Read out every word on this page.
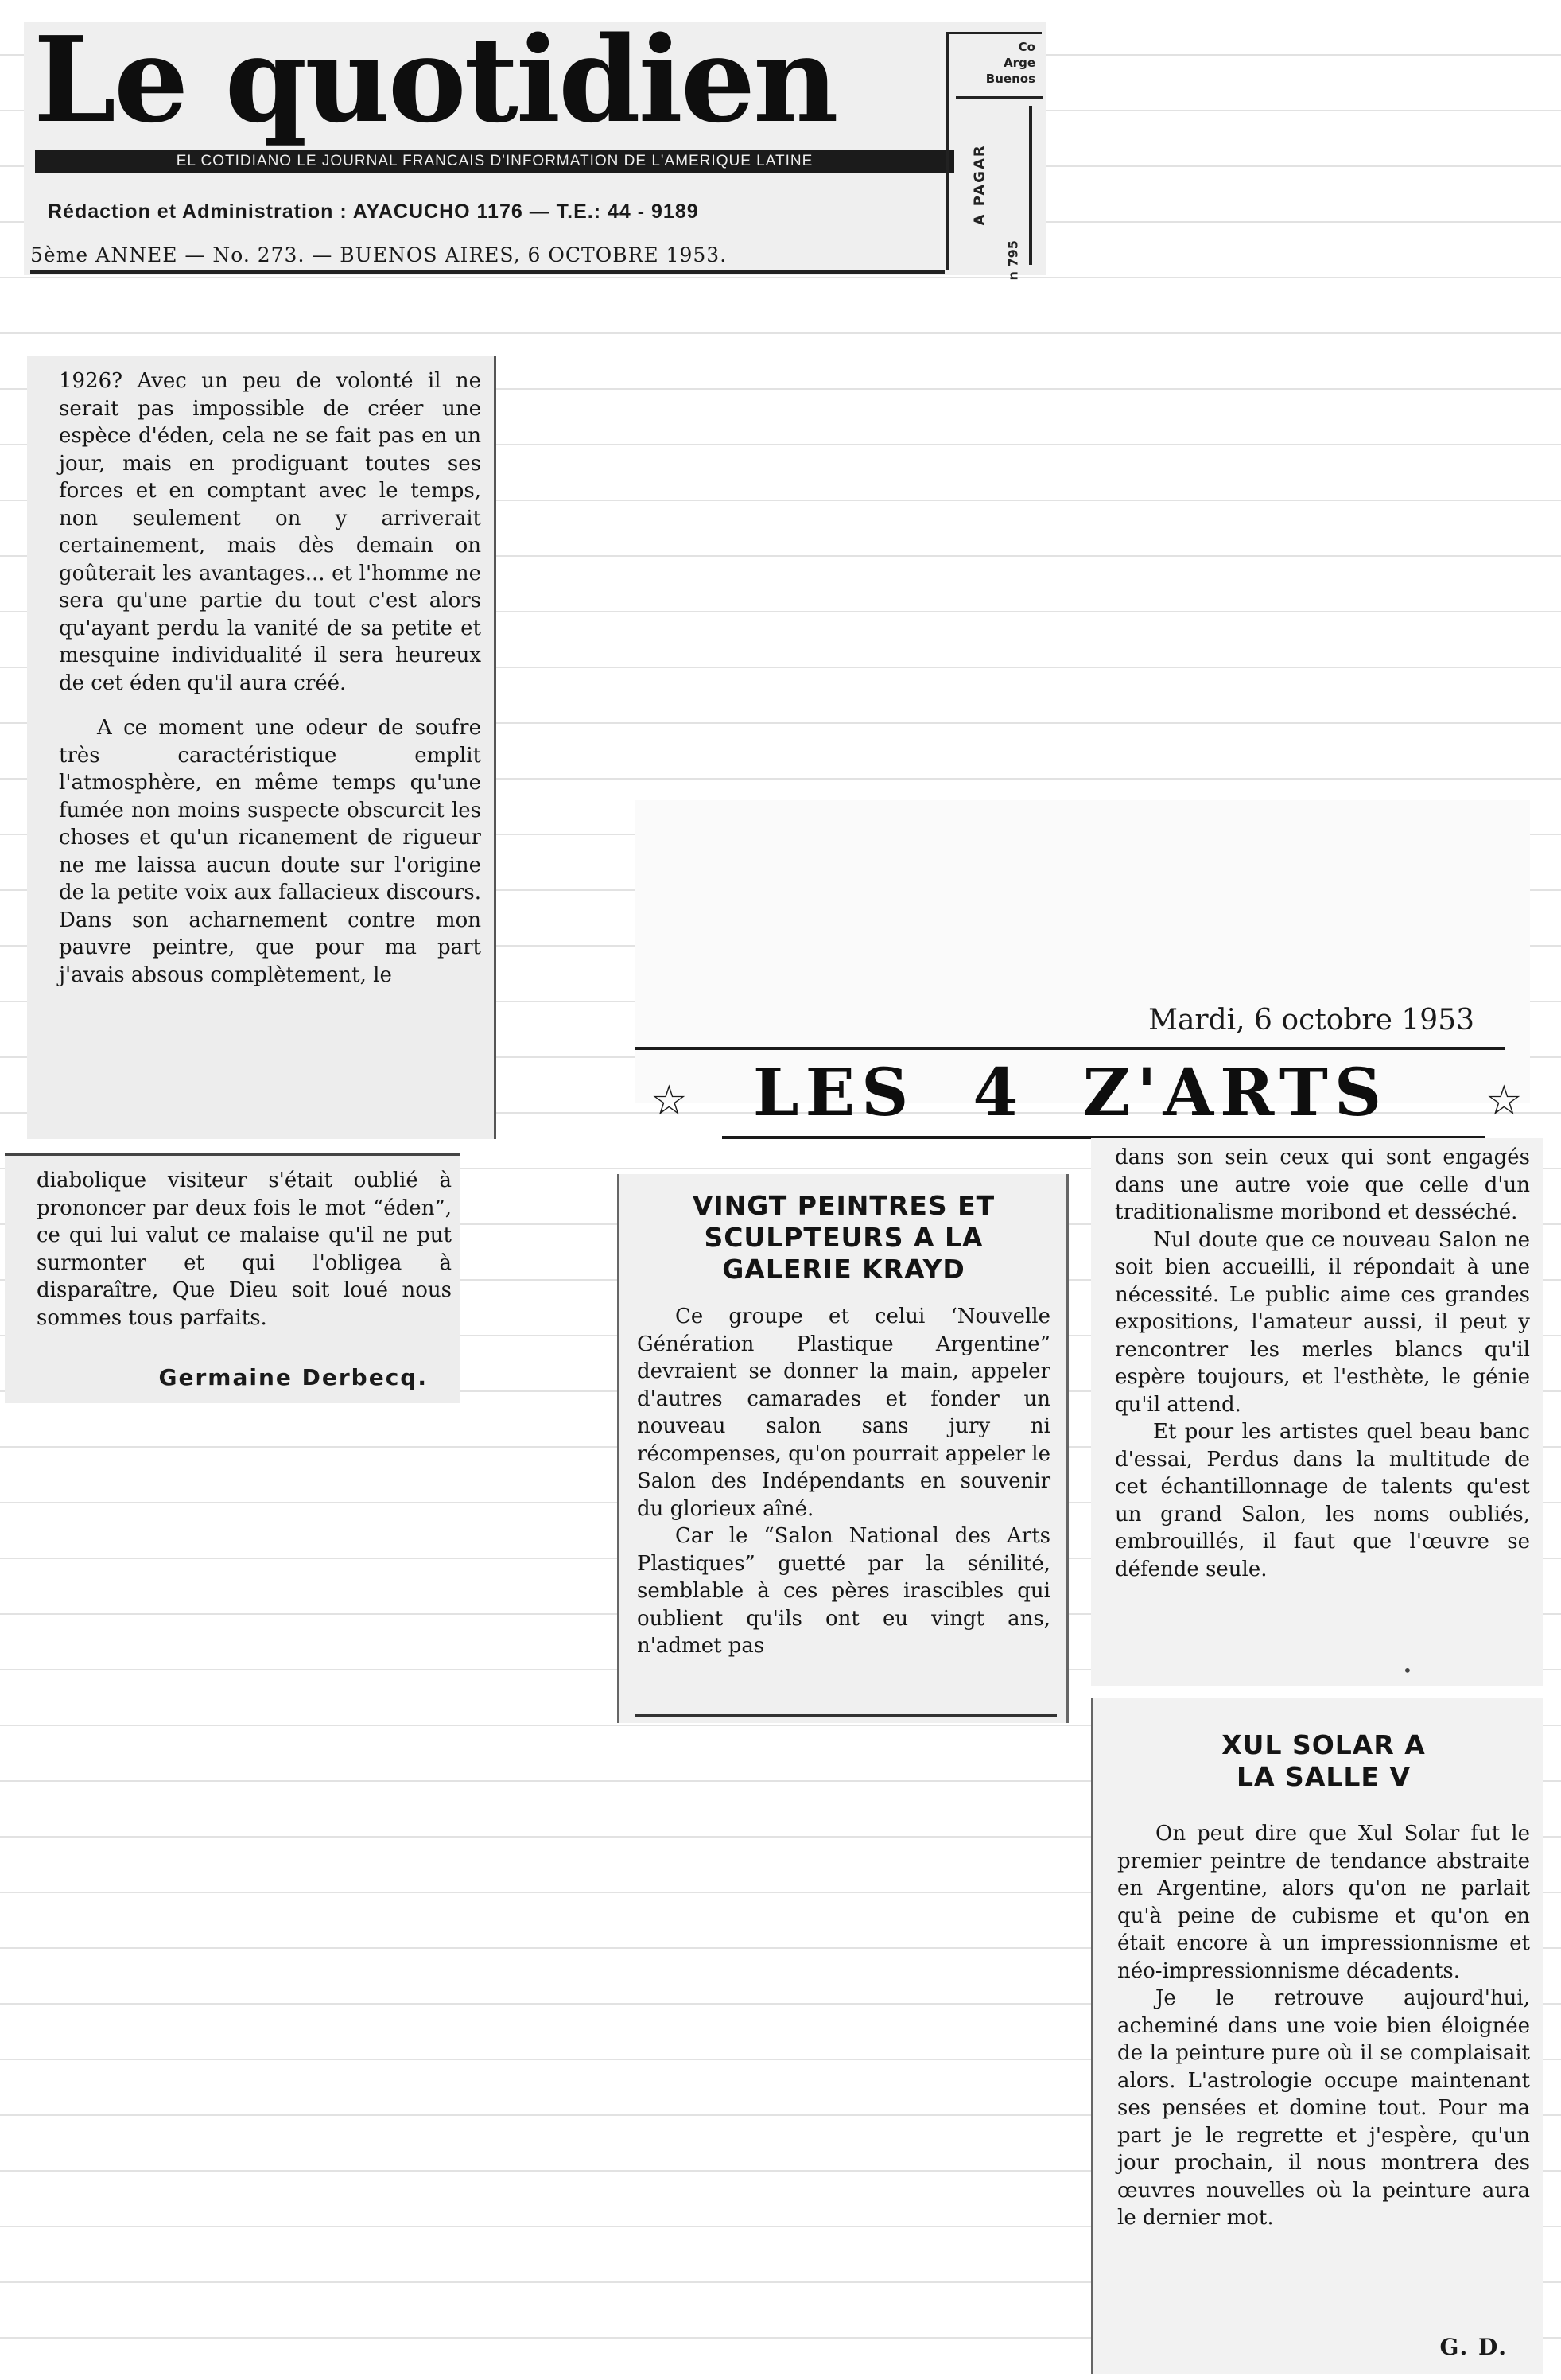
Le quotidien
EL COTIDIANO LE JOURNAL FRANCAIS D'INFORMATION DE L'AMERIQUE LATINE
Rédaction et Administration : AYACUCHO 1176 — T.E.: 44 - 9189
5ème ANNEE — No. 273. — BUENOS AIRES, 6 OCTOBRE 1953.
Co
Arge
Buenos
A PAGAR
n 795

1926? Avec un peu de volonté il ne serait pas impossible de créer une espèce d'éden, cela ne se fait pas en un jour, mais en prodiguant toutes ses forces et en comptant avec le temps, non seulement on y arriverait certainement, mais dès demain on goûterait les avantages... et l'homme ne sera qu'une partie du tout c'est alors qu'ayant perdu la vanité de sa petite et mesquine individualité il sera heureux de cet éden qu'il aura créé.

A ce moment une odeur de soufre très caractéristique emplit l'atmosphère, en même temps qu'une fumée non moins suspecte obscurcit les choses et qu'un ricanement de rigueur ne me laissa aucun doute sur l'origine de la petite voix aux fallacieux discours. Dans son acharnement contre mon pauvre peintre, que pour ma part j'avais absous complètement, le

diabolique visiteur s'était oublié à prononcer par deux fois le mot “éden”, ce qui lui valut ce malaise qu'il ne put surmonter et qui l'obligea à disparaître, Que Dieu soit loué nous sommes tous parfaits.

Germaine Derbecq.
Mardi, 6 octobre 1953
☆ LES  4  Z'ARTS ☆
VINGT PEINTRES ET SCULPTEURS A LA GALERIE KRAYD

Ce groupe et celui ‘Nouvelle Génération Plastique Argentine” devraient se donner la main, appeler d'autres camarades et fonder un nouveau salon sans jury ni récompenses, qu'on pourrait appeler le Salon des Indépendants en souvenir du glorieux aîné.

Car le “Salon National des Arts Plastiques” guetté par la sénilité, semblable à ces pères irascibles qui oublient qu'ils ont eu vingt ans, n'admet pas

dans son sein ceux qui sont engagés dans une autre voie que celle d'un traditionalisme moribond et desséché.

Nul doute que ce nouveau Salon ne soit bien accueilli, il répondait à une nécessité. Le public aime ces grandes expositions, l'amateur aussi, il peut y rencontrer les merles blancs qu'il espère toujours, et l'esthète, le génie qu'il attend.

Et pour les artistes quel beau banc d'essai, Perdus dans la multitude de cet échantillonnage de talents qu'est un grand Salon, les noms oubliés, embrouillés, il faut que l'œuvre se défende seule.

•
XUL SOLAR A LA SALLE V

On peut dire que Xul Solar fut le premier peintre de tendance abstraite en Argentine, alors qu'on ne parlait qu'à peine de cubisme et qu'on en était encore à un impressionnisme et néo-impressionnisme décadents.

Je le retrouve aujourd'hui, acheminé dans une voie bien éloignée de la peinture pure où il se complaisait alors. L'astrologie occupe maintenant ses pensées et domine tout. Pour ma part je le regrette et j'espère, qu'un jour prochain, il nous montrera des œuvres nouvelles où la peinture aura le dernier mot.

G. D.
